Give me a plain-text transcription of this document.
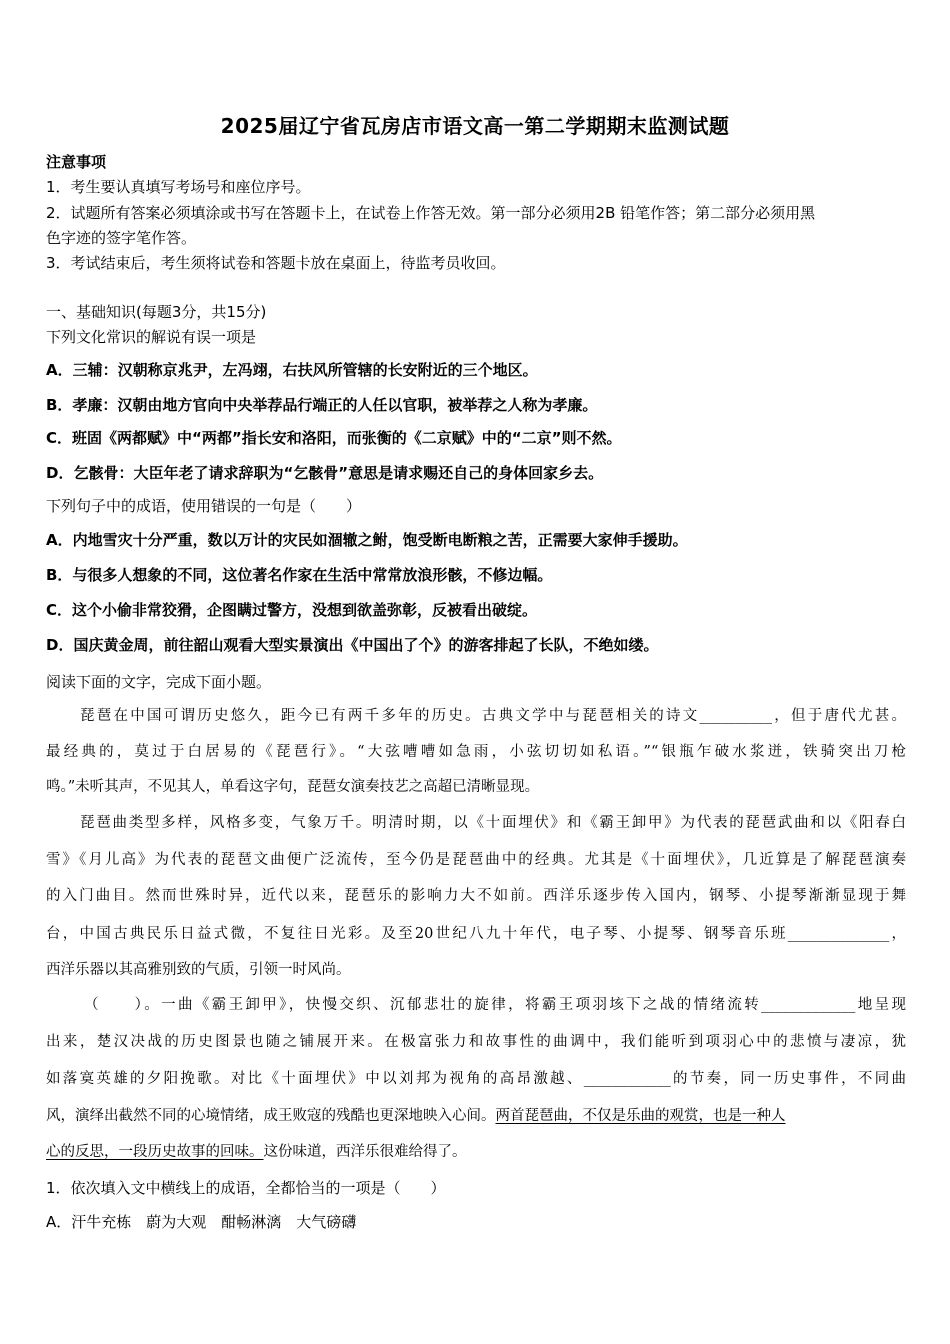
2025届辽宁省瓦房店市语文高一第二学期期末监测试题
注意事项
1．考生要认真填写考场号和座位序号。
2．试题所有答案必须填涂或书写在答题卡上，在试卷上作答无效。第一部分必须用2B 铅笔作答；第二部分必须用黑
色字迹的签字笔作答。
3．考试结束后，考生须将试卷和答题卡放在桌面上，待监考员收回。
一、基础知识(每题3分，共15分)
下列文化常识的解说有误一项是
A．三辅：汉朝称京兆尹，左冯翊，右扶风所管辖的长安附近的三个地区。
B．孝廉：汉朝由地方官向中央举荐品行端正的人任以官职，被举荐之人称为孝廉。
C．班固《两都赋》中“两都”指长安和洛阳，而张衡的《二京赋》中的“二京”则不然。
D．乞骸骨：大臣年老了请求辞职为“乞骸骨”意思是请求赐还自己的身体回家乡去。
下列句子中的成语，使用错误的一句是（　　）
A．内地雪灾十分严重，数以万计的灾民如涸辙之鲋，饱受断电断粮之苦，正需要大家伸手援助。
B．与很多人想象的不同，这位著名作家在生活中常常放浪形骸，不修边幅。
C．这个小偷非常狡猾，企图瞒过警方，没想到欲盖弥彰，反被看出破绽。
D．国庆黄金周，前往韶山观看大型实景演出《中国出了个》的游客排起了长队，不绝如缕。
阅读下面的文字，完成下面小题。
琵琶在中国可谓历史悠久，距今已有两千多年的历史。古典文学中与琵琶相关的诗文__________，但于唐代尤甚。
最经典的，莫过于白居易的《琵琶行》。“大弦嘈嘈如急雨，小弦切切如私语。”“银瓶乍破水浆迸，铁骑突出刀枪
鸣。”未听其声，不见其人，单看这字句，琵琶女演奏技艺之高超已清晰显现。
琵琶曲类型多样，风格多变，气象万千。明清时期，以《十面埋伏》和《霸王卸甲》为代表的琵琶武曲和以《阳春白
雪》《月儿高》为代表的琵琶文曲便广泛流传，至今仍是琵琶曲中的经典。尤其是《十面埋伏》，几近算是了解琵琶演奏
的入门曲目。然而世殊时异，近代以来，琵琶乐的影响力大不如前。西洋乐逐步传入国内，钢琴、小提琴渐渐显现于舞
台，中国古典民乐日益式微，不复往日光彩。及至20世纪八九十年代，电子琴、小提琴、钢琴音乐班______________，
西洋乐器以其高雅别致的气质，引领一时风尚。
（　　）。一曲《霸王卸甲》，快慢交织、沉郁悲壮的旋律，将霸王项羽垓下之战的情绪流转_____________地呈现
出来，楚汉决战的历史图景也随之铺展开来。在极富张力和故事性的曲调中，我们能听到项羽心中的悲愤与凄凉，犹
如落寞英雄的夕阳挽歌。对比《十面埋伏》中以刘邦为视角的高昂激越、____________的节奏，同一历史事件，不同曲
风，演绎出截然不同的心境情绪，成王败寇的残酷也更深地映入心间。两首琵琶曲，不仅是乐曲的观赏，也是一种人
心的反思，一段历史故事的回味。这份味道，西洋乐很难给得了。
1．依次填入文中横线上的成语，全都恰当的一项是（　　）
A．汗牛充栋　蔚为大观　酣畅淋漓　大气磅礴
